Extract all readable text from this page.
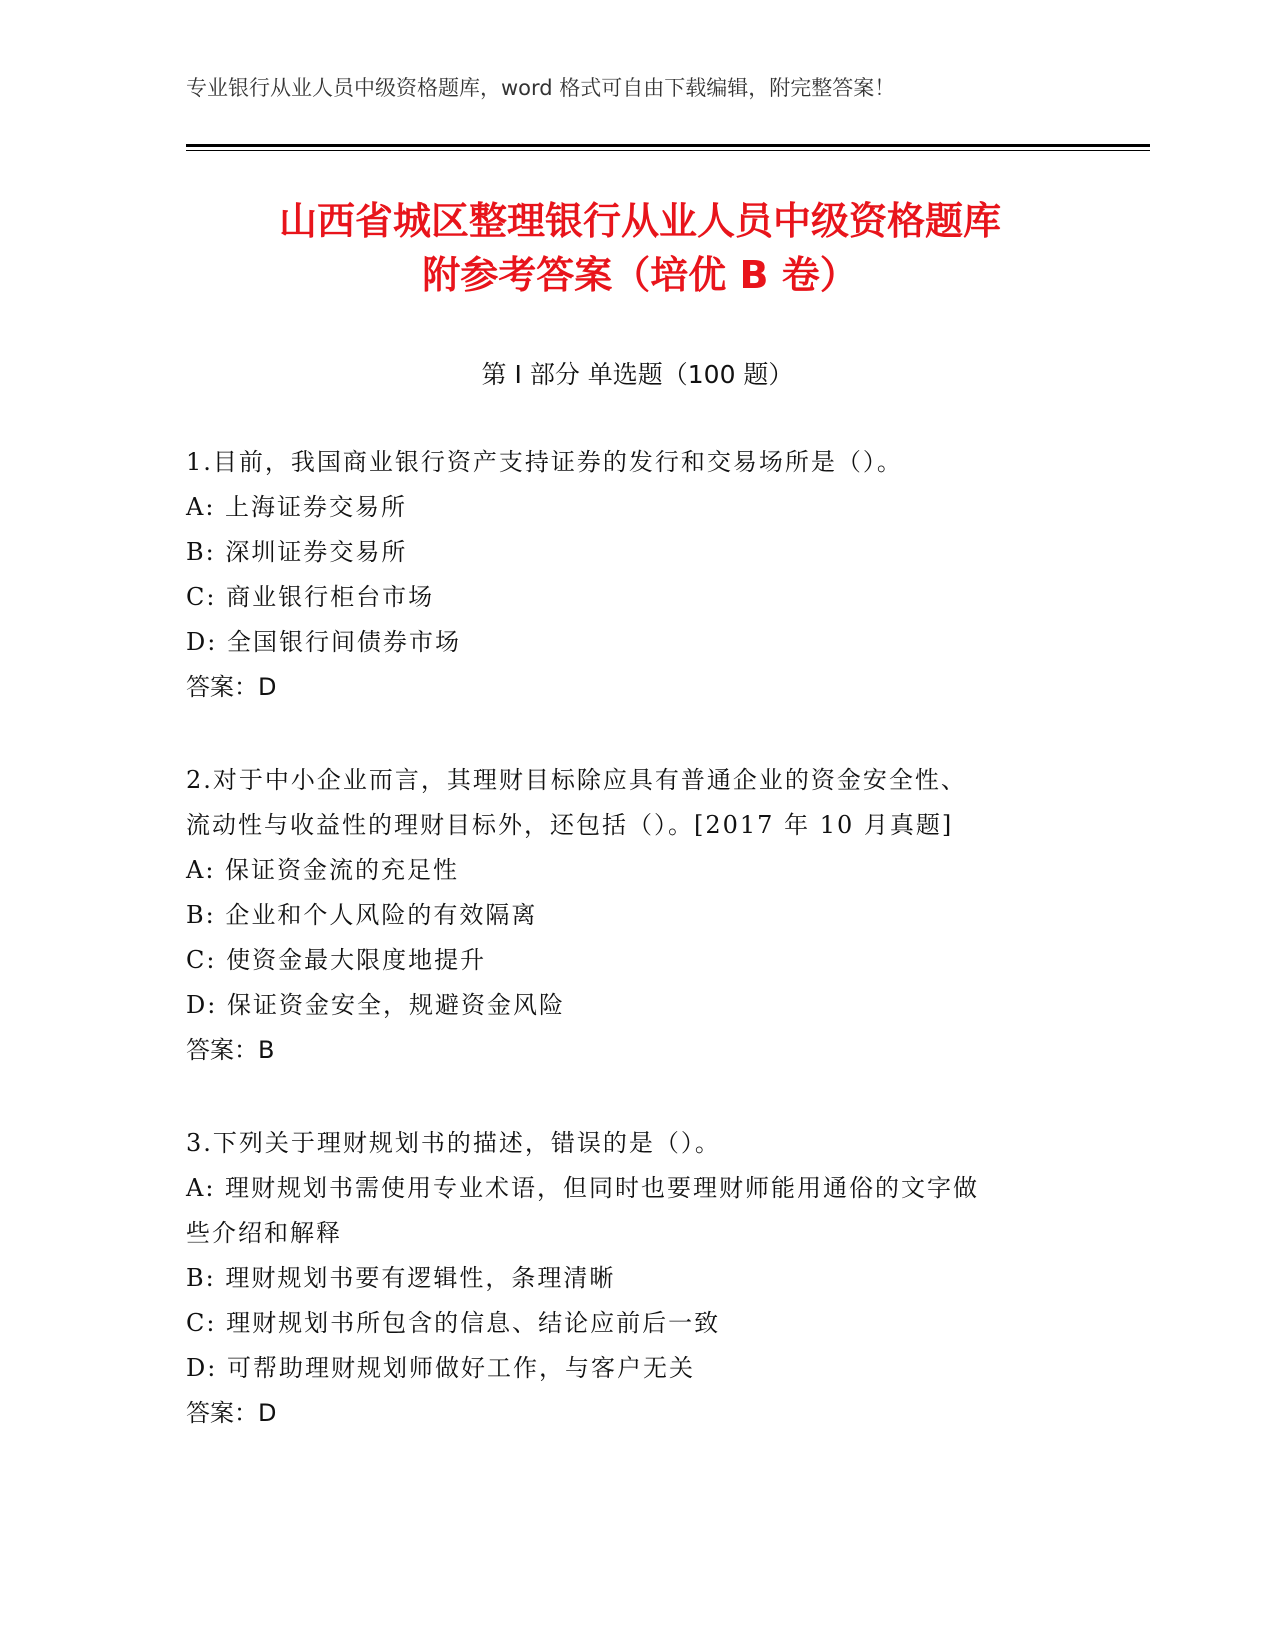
专业银行从业人员中级资格题库，word 格式可自由下载编辑，附完整答案！
山西省城区整理银行从业人员中级资格题库
附参考答案（培优 B 卷）
第 I 部分 单选题（100 题）
1.目前，我国商业银行资产支持证券的发行和交易场所是（）。
A: 上海证券交易所
B: 深圳证券交易所
C: 商业银行柜台市场
D: 全国银行间债券市场
答案：D
2.对于中小企业而言，其理财目标除应具有普通企业的资金安全性、
流动性与收益性的理财目标外，还包括（）。[2017 年 10 月真题]
A: 保证资金流的充足性
B: 企业和个人风险的有效隔离
C: 使资金最大限度地提升
D: 保证资金安全，规避资金风险
答案：B
3.下列关于理财规划书的描述，错误的是（）。
A: 理财规划书需使用专业术语，但同时也要理财师能用通俗的文字做
些介绍和解释
B: 理财规划书要有逻辑性，条理清晰
C: 理财规划书所包含的信息、结论应前后一致
D: 可帮助理财规划师做好工作，与客户无关
答案：D
